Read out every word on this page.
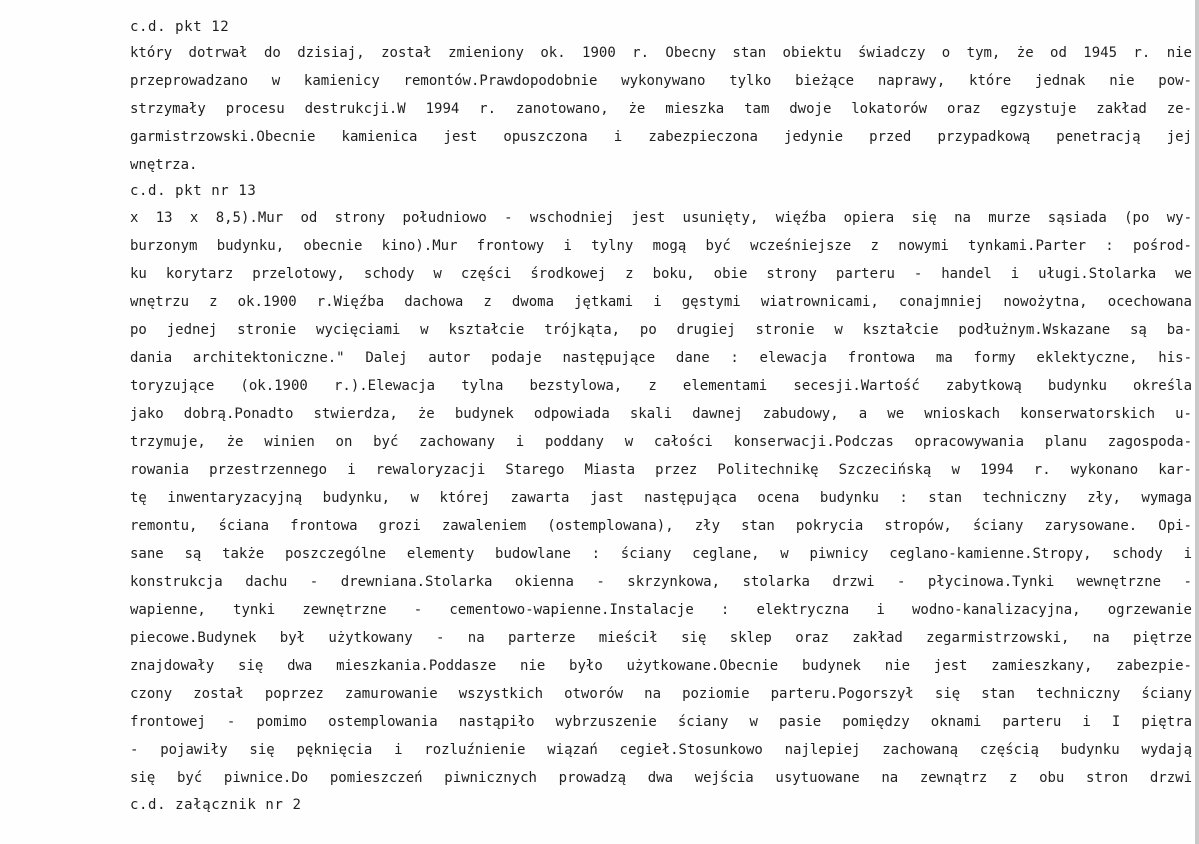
c.d. pkt 12
który dotrwał do dzisiaj, został zmieniony ok. 1900 r. Obecny stan obiektu świadczy o tym, że od 1945 r. nie
przeprowadzano w kamienicy remontów.Prawdopodobnie wykonywano tylko bieżące naprawy, które jednak nie pow-
strzymały procesu destrukcji.W 1994 r. zanotowano, że mieszka tam dwoje lokatorów oraz egzystuje zakład ze-
garmistrzowski.Obecnie kamienica jest opuszczona i zabezpieczona jedynie przed przypadkową penetracją jej
wnętrza.
c.d. pkt nr 13
x 13 x 8,5).Mur od strony południowo - wschodniej jest usunięty, więźba opiera się na murze sąsiada (po wy-
burzonym budynku, obecnie kino).Mur frontowy i tylny mogą być wcześniejsze z nowymi tynkami.Parter : pośrod-
ku korytarz przelotowy, schody w części środkowej z boku, obie strony parteru - handel i uługi.Stolarka we
wnętrzu z ok.1900 r.Więźba dachowa z dwoma jętkami i gęstymi wiatrownicami, conajmniej nowożytna, ocechowana
po jednej stronie wycięciami w kształcie trójkąta, po drugiej stronie w kształcie podłużnym.Wskazane są ba-
dania architektoniczne." Dalej autor podaje następujące dane : elewacja frontowa ma formy eklektyczne, his-
toryzujące (ok.1900 r.).Elewacja tylna bezstylowa, z elementami secesji.Wartość zabytkową budynku określa
jako dobrą.Ponadto stwierdza, że budynek odpowiada skali dawnej zabudowy, a we wnioskach konserwatorskich u-
trzymuje, że winien on być zachowany i poddany w całości konserwacji.Podczas opracowywania planu zagospoda-
rowania przestrzennego i rewaloryzacji Starego Miasta przez Politechnikę Szczecińską w 1994 r. wykonano kar-
tę inwentaryzacyjną budynku, w której zawarta jast następująca ocena budynku : stan techniczny zły, wymaga
remontu, ściana frontowa grozi zawaleniem (ostemplowana), zły stan pokrycia stropów, ściany zarysowane. Opi-
sane są także poszczególne elementy budowlane : ściany ceglane, w piwnicy ceglano-kamienne.Stropy, schody i
konstrukcja dachu - drewniana.Stolarka okienna - skrzynkowa, stolarka drzwi - płycinowa.Tynki wewnętrzne -
wapienne, tynki zewnętrzne - cementowo-wapienne.Instalacje : elektryczna i wodno-kanalizacyjna, ogrzewanie
piecowe.Budynek był użytkowany - na parterze mieścił się sklep oraz zakład zegarmistrzowski, na piętrze
znajdowały się dwa mieszkania.Poddasze nie było użytkowane.Obecnie budynek nie jest zamieszkany, zabezpie-
czony został poprzez zamurowanie wszystkich otworów na poziomie parteru.Pogorszył się stan techniczny ściany
frontowej - pomimo ostemplowania nastąpiło wybrzuszenie ściany w pasie pomiędzy oknami parteru i I piętra
- pojawiły się pęknięcia i rozluźnienie wiązań cegieł.Stosunkowo najlepiej zachowaną częścią budynku wydają
się być piwnice.Do pomieszczeń piwnicznych prowadzą dwa wejścia usytuowane na zewnątrz z obu stron drzwi
c.d. załącznik nr 2
